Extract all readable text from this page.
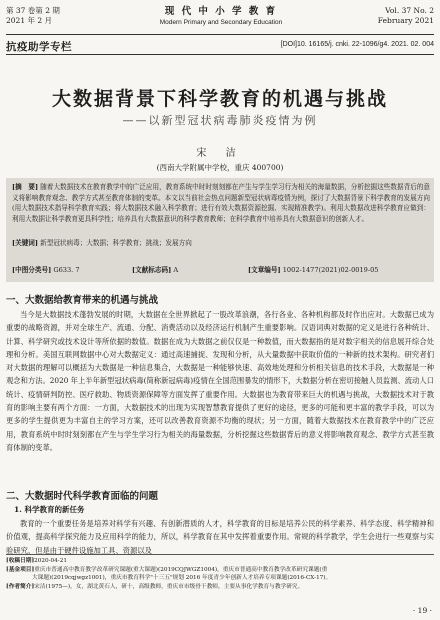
第 37 卷第 2 期
2021 年 2 月
现 代 中 小 学 教 育
Modern Primary and Secondary Education
Vol. 37 No. 2
February 2021
抗疫助学专栏	[DOI]10. 16165/j. cnki. 22-1096/g4. 2021. 02. 004
大数据背景下科学教育的机遇与挑战
——以新型冠状病毒肺炎疫情为例
宋 洁
(西南大学附属中学校，重庆 400700)
[摘　要] 随着大数据技术在教育教学中的广泛应用，教育系统中时时刻刻都在产生与学生学习行为相关的海量数据，分析挖掘这些数据背后的意义将影响教育观念、教学方式甚至教育体制的变革。本文以当前社会热点问题新型冠状病毒疫情为例，探讨了大数据背景下科学教育的发展方向(用大数据技术指导科学教育实践；将大数据技术融入科学教育；进行有效大数据资源挖掘、实现精准教学)。利用大数据改进科学教育应做到：利用大数据让科学教育更具科学性；培养具有大数据意识的科学教育教师；在科学教育中培养具有大数据意识的创新人才。
[关键词] 新型冠状病毒；大数据；科学教育；挑战；发展方向
[中图分类号] G633. 7	[文献标志码] A	[文章编号] 1002-1477(2021)02-0019-05
一、大数据给教育带来的机遇与挑战
当今是大数据技术蓬勃发展的时期，大数据在全世界掀起了一股改革浪潮，各行各业、各种机构都及时作出应对。大数据已成为重要的战略资源，并对全球生产、流通、分配、消费活动以及经济运行机制产生重要影响。汉语词典对数据的定义是进行各种统计、计算、科学研究或技术设计等所依据的数值。数据在成为大数据之前仅仅是一种数值，而大数据指的是对数字相关的信息展开综合处理和分析。美国互联网数据中心对大数据定义：通过高速捕捉、发现和分析，从大量数据中获取价值的一种新的技术架构。研究者们对大数据的理解可以概括为大数据是一种信息集合，大数据是一种能够快速、高效地处理和分析相关信息的技术手段，大数据是一种观念和方法。2020 年上半年新型冠状病毒(简称新冠病毒)疫情在全国范围暴发的情形下，大数据分析在密切接触人员监测、流动人口统计、疫情研判防控、医疗救助、物质资源保障等方面发挥了重要作用。大数据也为教育带来巨大的机遇与挑战，大数据技术对于教育的影响主要有两个方面：一方面，大数据技术的出现为实现智慧教育提供了更好的途径，更多的可能和更丰富的教学手段，可以为更多的学生提供更为丰富自主的学习方案，还可以改善教育资源不均衡的现状；另一方面，随着大数据技术在教育教学中的广泛应用，教育系统中时时刻刻都在产生与学生学习行为相关的海量数据，分析挖掘这些数据背后的意义将影响教育观念、教学方式甚至教育体制的变革。
二、大数据时代科学教育面临的问题
1. 科学教育的新任务
教育的一个重要任务是培养对科学有兴趣、有创新潜质的人才，科学教育的目标是培养公民的科学素养、科学态度、科学精神和价值观，提高科学探究能力及应用科学的能力，所以，科学教育在其中发挥着重要作用。常规的科学教学，学生会进行一些观察与实验研究，但是由于硬件设施加工具、资源以及
[收稿日期]2020-04-21
[基金项目]重庆市普通高中教育教学改革研究课题(重大课题)(2019CQJWGZ1004)，重庆市普通高中教育教学改革研究课题(重
大课题)(2019cqjwgz1001)，重庆市教育科学"十三五"规划 2016 年度青少年创新人才培养专项课题(2016-CX-17)。
[作者简介]宋洁(1975—)，女，湖北黄石人，研十，高级教师，重庆市市级骨干教师，主要从事化学教育与教学研究。
· 19 ·
